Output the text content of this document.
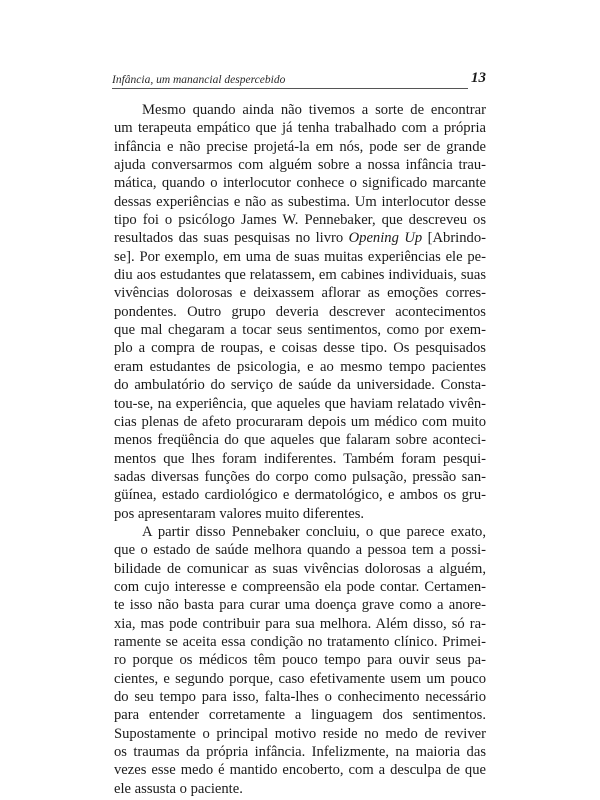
Infância, um manancial despercebido	13

Mesmo quando ainda não tivemos a sorte de encontrar
um terapeuta empático que já tenha trabalhado com a própria
infância e não precise projetá-la em nós, pode ser de grande
ajuda conversarmos com alguém sobre a nossa infância trau-
mática, quando o interlocutor conhece o significado marcante
dessas experiências e não as subestima. Um interlocutor desse
tipo foi o psicólogo James W. Pennebaker, que descreveu os
resultados das suas pesquisas no livro Opening Up [Abrindo-
se]. Por exemplo, em uma de suas muitas experiências ele pe-
diu aos estudantes que relatassem, em cabines individuais, suas
vivências dolorosas e deixassem aflorar as emoções corres-
pondentes. Outro grupo deveria descrever acontecimentos
que mal chegaram a tocar seus sentimentos, como por exem-
plo a compra de roupas, e coisas desse tipo. Os pesquisados
eram estudantes de psicologia, e ao mesmo tempo pacientes
do ambulatório do serviço de saúde da universidade. Consta-
tou-se, na experiência, que aqueles que haviam relatado vivên-
cias plenas de afeto procuraram depois um médico com muito
menos freqüência do que aqueles que falaram sobre aconteci-
mentos que lhes foram indiferentes. Também foram pesqui-
sadas diversas funções do corpo como pulsação, pressão san-
güínea, estado cardiológico e dermatológico, e ambos os gru-
pos apresentaram valores muito diferentes.

A partir disso Pennebaker concluiu, o que parece exato,
que o estado de saúde melhora quando a pessoa tem a possi-
bilidade de comunicar as suas vivências dolorosas a alguém,
com cujo interesse e compreensão ela pode contar. Certamen-
te isso não basta para curar uma doença grave como a anore-
xia, mas pode contribuir para sua melhora. Além disso, só ra-
ramente se aceita essa condição no tratamento clínico. Primei-
ro porque os médicos têm pouco tempo para ouvir seus pa-
cientes, e segundo porque, caso efetivamente usem um pouco
do seu tempo para isso, falta-lhes o conhecimento necessário
para entender corretamente a linguagem dos sentimentos.
Supostamente o principal motivo reside no medo de reviver
os traumas da própria infância. Infelizmente, na maioria das
vezes esse medo é mantido encoberto, com a desculpa de que
ele assusta o paciente.
